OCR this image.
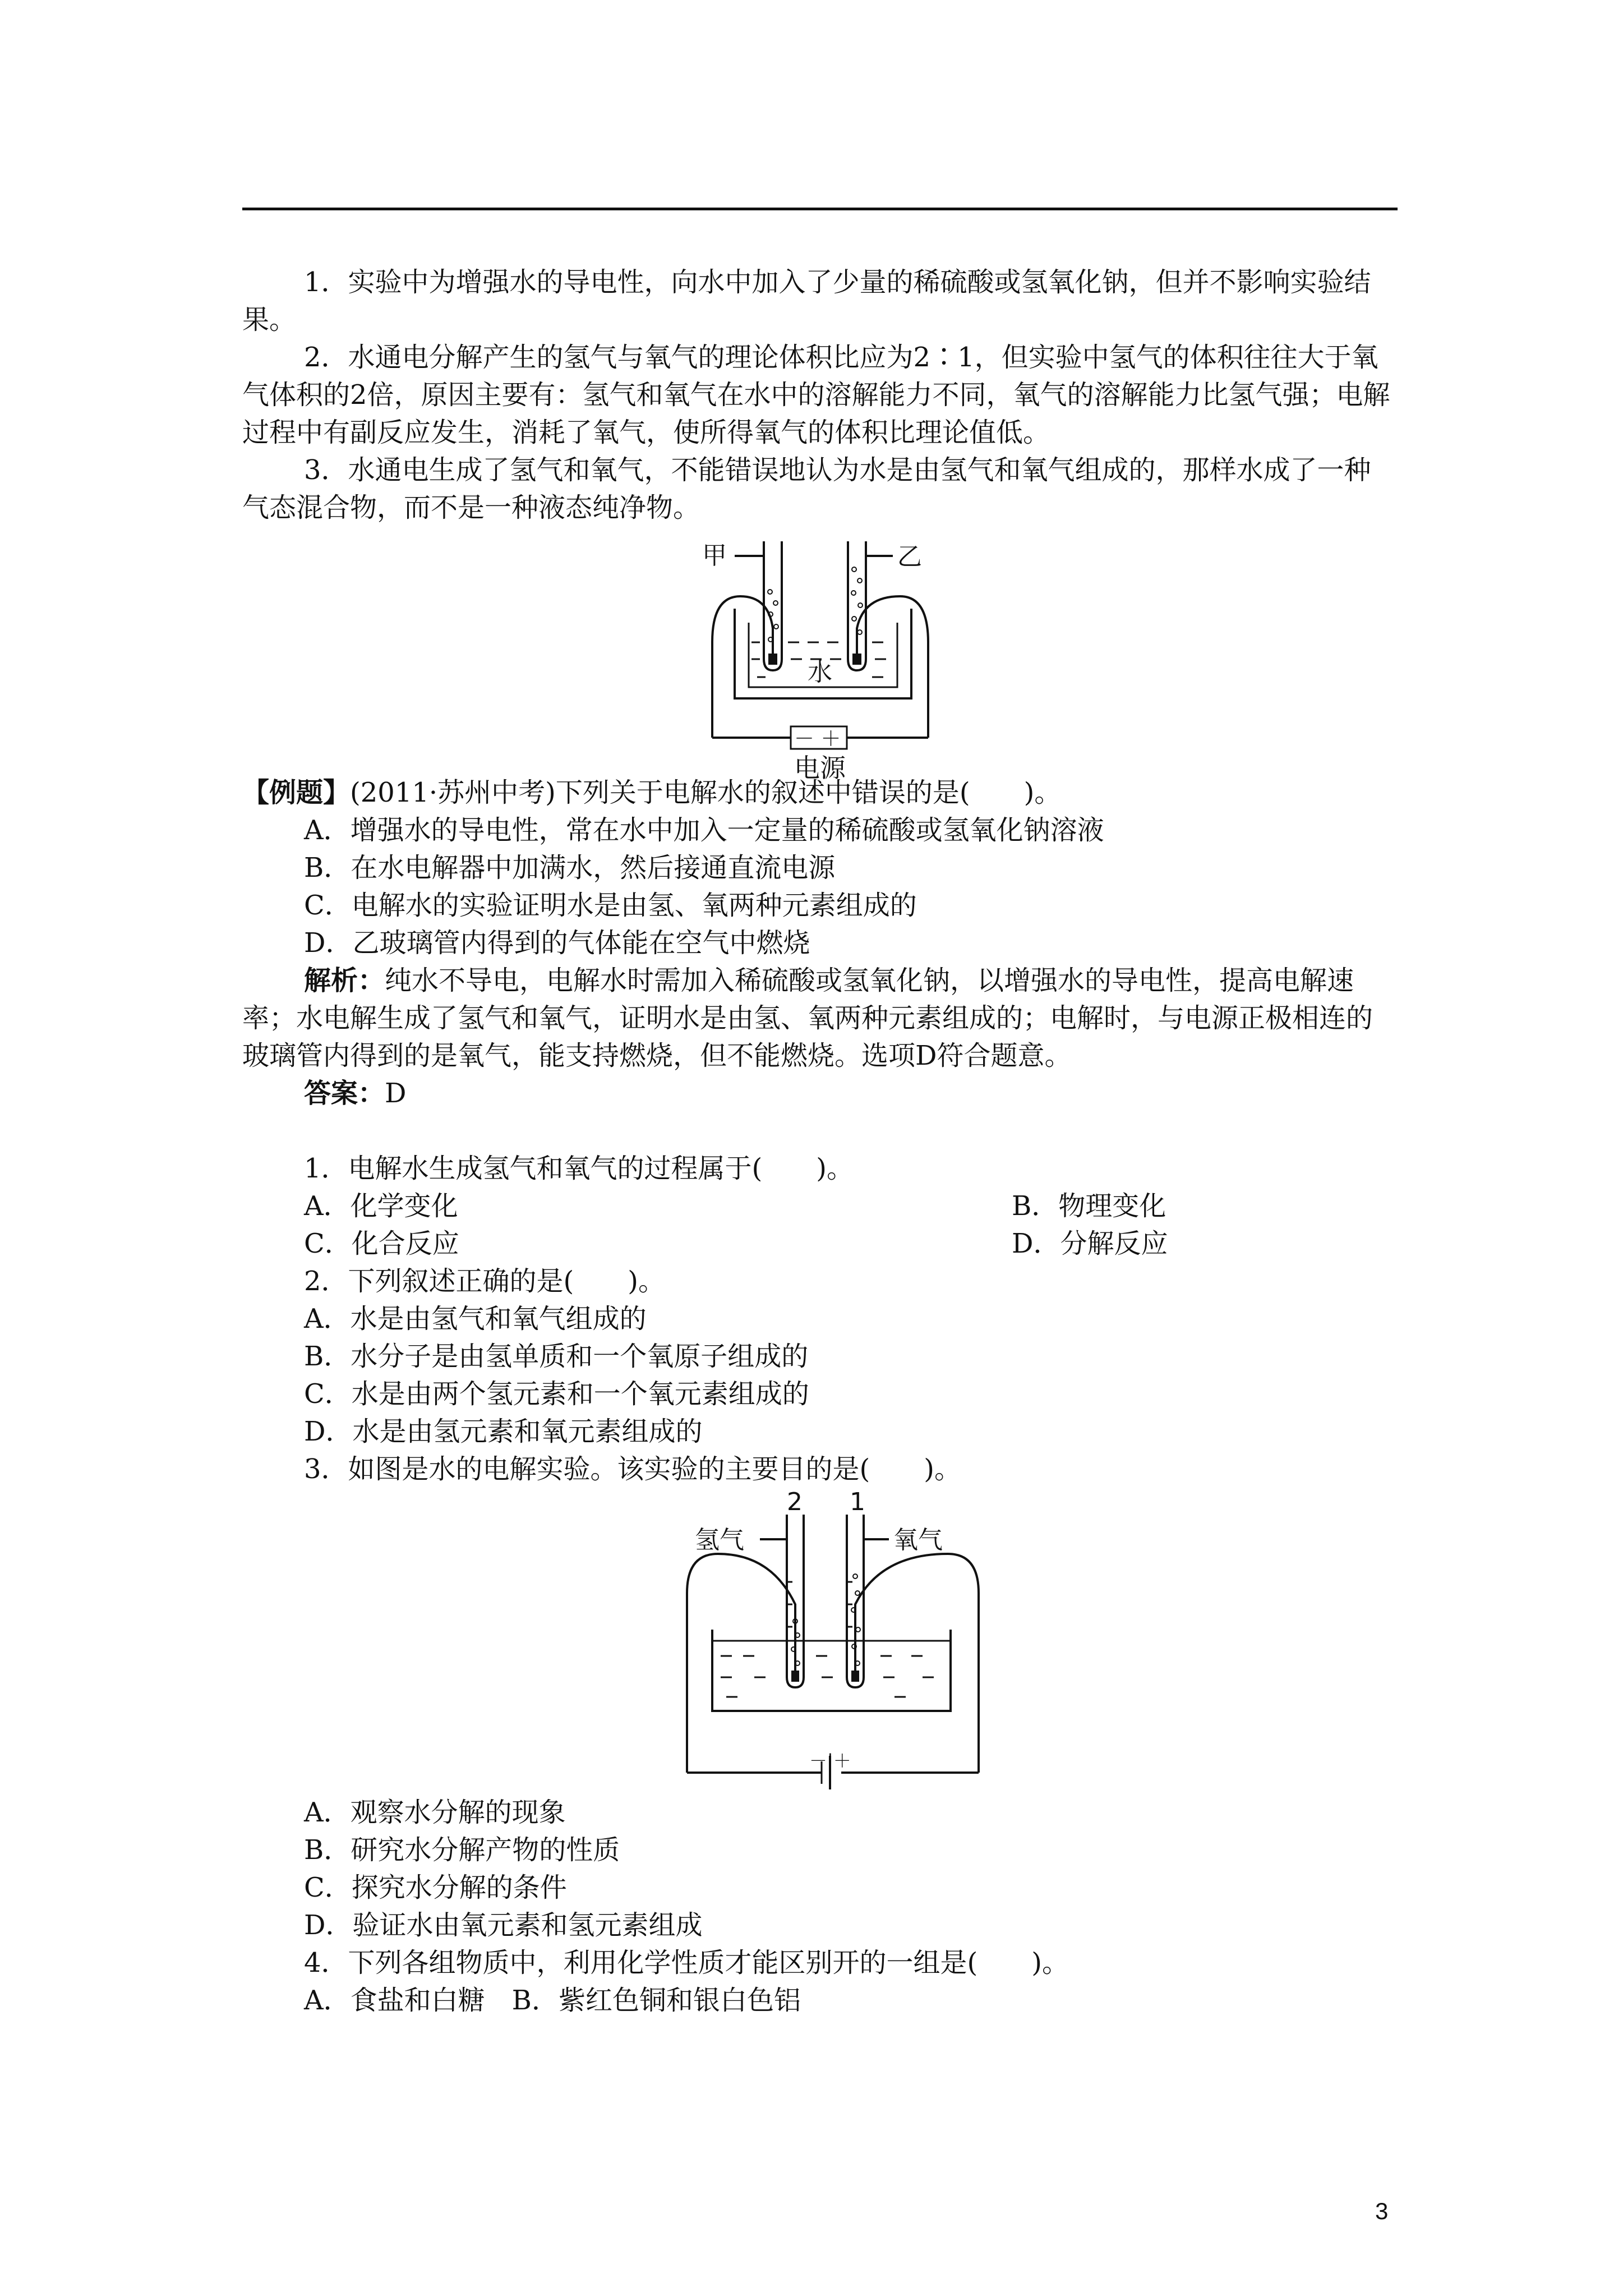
1．实验中为增强水的导电性，向水中加入了少量的稀硫酸或氢氧化钠，但并不影响实验结果。

2．水通电分解产生的氢气与氧气的理论体积比应为2∶1，但实验中氢气的体积往往大于氧气体积的2倍，原因主要有：氢气和氧气在水中的溶解能力不同，氧气的溶解能力比氢气强；电解过程中有副反应发生，消耗了氧气，使所得氧气的体积比理论值低。

3．水通电生成了氢气和氧气，不能错误地认为水是由氢气和氧气组成的，那样水成了一种气态混合物，而不是一种液态纯净物。

甲	乙
水
－ ＋
电源
【例题】(2011·苏州中考)下列关于电解水的叙述中错误的是(　　)。
A．增强水的导电性，常在水中加入一定量的稀硫酸或氢氧化钠溶液
B．在水电解器中加满水，然后接通直流电源
C．电解水的实验证明水是由氢、氧两种元素组成的
D．乙玻璃管内得到的气体能在空气中燃烧

解析：纯水不导电，电解水时需加入稀硫酸或氢氧化钠，以增强水的导电性，提高电解速率；水电解生成了氢气和氧气，证明水是由氢、氧两种元素组成的；电解时，与电源正极相连的玻璃管内得到的是氧气，能支持燃烧，但不能燃烧。选项D符合题意。

答案：D
1．电解水生成氢气和氧气的过程属于(　　)。
A．化学变化	B．物理变化
C．化合反应	D．分解反应
2．下列叙述正确的是(　　)。
A．水是由氢气和氧气组成的
B．水分子是由氢单质和一个氧原子组成的
C．水是由两个氢元素和一个氧元素组成的
D．水是由氢元素和氧元素组成的
3．如图是水的电解实验。该实验的主要目的是(　　)。
2 1
氢气	氧气
－|＋
A．观察水分解的现象
B．研究水分解产物的性质
C．探究水分解的条件
D．验证水由氧元素和氢元素组成
4．下列各组物质中，利用化学性质才能区别开的一组是(　　)。
A．食盐和白糖　B．紫红色铜和银白色铝
3
